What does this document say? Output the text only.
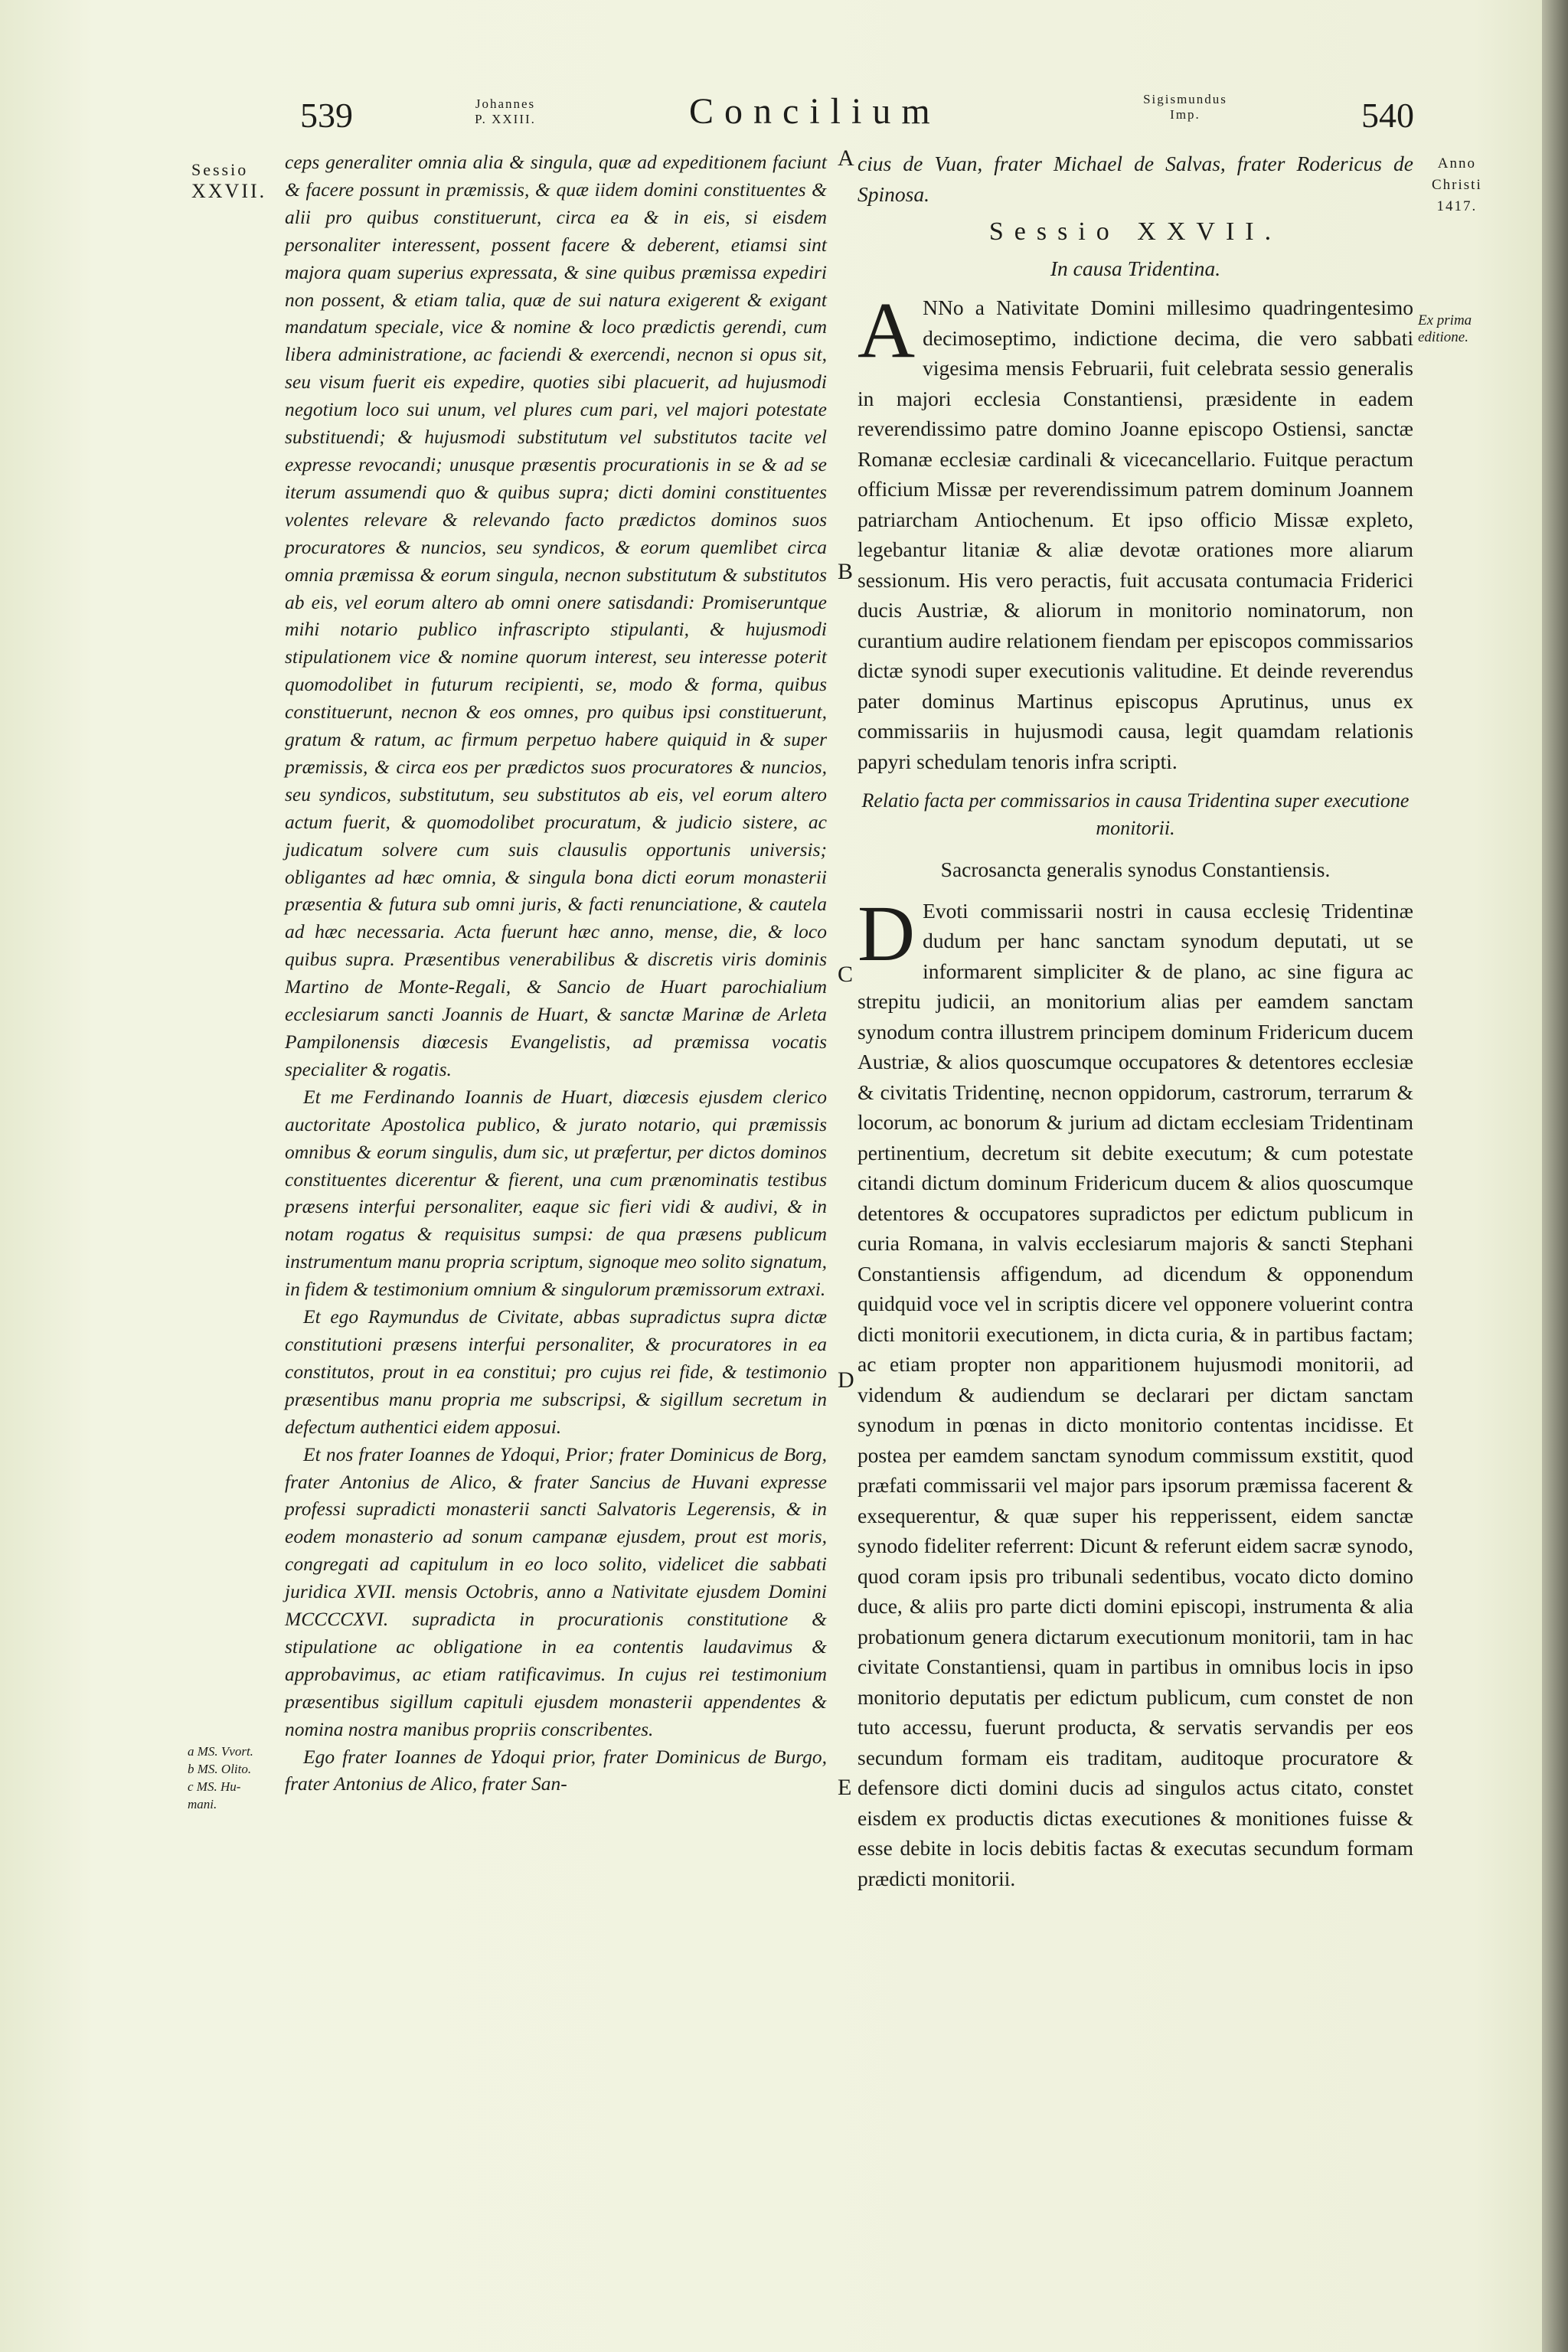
539	Johannes
P. XXIII.	Concilium	Sigismundus
Imp.	540
Sessio
XXVII.
Anno
Christi
1417.
Ex prima
editione.
a MS. Vvort.
b MS. Olito.
c MS. Hu-
mani.
A
B
C
D
E

ceps generaliter omnia alia & singula, quæ ad expeditionem faciunt & facere possunt in præmissis, & quæ iidem domini constituentes & alii pro quibus constituerunt, circa ea & in eis, si eisdem personaliter interessent, possent facere & deberent, etiamsi sint majora quam superius expressata, & sine quibus præmissa expediri non possent, & etiam talia, quæ de sui natura exigerent & exigant mandatum speciale, vice & nomine & loco prædictis gerendi, cum libera administratione, ac faciendi & exercendi, necnon si opus sit, seu visum fuerit eis expedire, quoties sibi placuerit, ad hujusmodi negotium loco sui unum, vel plures cum pari, vel majori potestate substituendi; & hujusmodi substitutum vel substitutos tacite vel expresse revocandi; unusque præsentis procurationis in se & ad se iterum assumendi quo & quibus supra; dicti domini constituentes volentes relevare & relevando facto prædictos dominos suos procuratores & nuncios, seu syndicos, & eorum quemlibet circa omnia præmissa & eorum singula, necnon substitutum & substitutos ab eis, vel eorum altero ab omni onere satisdandi: Promiseruntque mihi notario publico infrascripto stipulanti, & hujusmodi stipulationem vice & nomine quorum interest, seu interesse poterit quomodolibet in futurum recipienti, se, modo & forma, quibus constituerunt, necnon & eos omnes, pro quibus ipsi constituerunt, gratum & ratum, ac firmum perpetuo habere quiquid in & super præmissis, & circa eos per prædictos suos procuratores & nuncios, seu syndicos, substitutum, seu substitutos ab eis, vel eorum altero actum fuerit, & quomodolibet procuratum, & judicio sistere, ac judicatum solvere cum suis clausulis opportunis universis; obligantes ad hæc omnia, & singula bona dicti eorum monasterii præsentia & futura sub omni juris, & facti renunciatione, & cautela ad hæc necessaria. Acta fuerunt hæc anno, mense, die, & loco quibus supra. Præsentibus venerabilibus & discretis viris dominis Martino de Monte-Regali, & Sancio de Huart parochialium ecclesiarum sancti Joannis de Huart, & sanctæ Marinæ de Arleta Pampilonensis diœcesis Evangelistis, ad præmissa vocatis specialiter & rogatis.

Et me Ferdinando Ioannis de Huart, diœcesis ejusdem clerico auctoritate Apostolica publico, & jurato notario, qui præmissis omnibus & eorum singulis, dum sic, ut præfertur, per dictos dominos constituentes dicerentur & fierent, una cum prænominatis testibus præsens interfui personaliter, eaque sic fieri vidi & audivi, & in notam rogatus & requisitus sumpsi: de qua præsens publicum instrumentum manu propria scriptum, signoque meo solito signatum, in fidem & testimonium omnium & singulorum præmissorum extraxi.

Et ego Raymundus de Civitate, abbas supradictus supra dictæ constitutioni præsens interfui personaliter, & procuratores in ea constitutos, prout in ea constitui; pro cujus rei fide, & testimonio præsentibus manu propria me subscripsi, & sigillum secretum in defectum authentici eidem apposui.

Et nos frater Ioannes de Ydoqui, Prior; frater Dominicus de Borg, frater Antonius de Alico, & frater Sancius de Huvani expresse professi supradicti monasterii sancti Salvatoris Legerensis, & in eodem monasterio ad sonum campanæ ejusdem, prout est moris, congregati ad capitulum in eo loco solito, videlicet die sabbati juridica XVII. mensis Octobris, anno a Nativitate ejusdem Domini MCCCCXVI. supradicta in procurationis constitutione & stipulatione ac obligatione in ea contentis laudavimus & approbavimus, ac etiam ratificavimus. In cujus rei testimonium præsentibus sigillum capituli ejusdem monasterii appendentes & nomina nostra manibus propriis conscribentes.

Ego frater Ioannes de Ydoqui prior, frater Dominicus de Burgo, frater Antonius de Alico, frater San-

cius de Vuan, frater Michael de Salvas, frater Rodericus de Spinosa.

Sessio XXVII.

In causa Tridentina.

A NNo a Nativitate Domini millesimo quadringentesimo decimoseptimo, indictione decima, die vero sabbati vigesima mensis Februarii, fuit celebrata sessio generalis in majori ecclesia Constantiensi, præsidente in eadem reverendissimo patre domino Joanne episcopo Ostiensi, sanctæ Romanæ ecclesiæ cardinali & vicecancellario. Fuitque peractum officium Missæ per reverendissimum patrem dominum Joannem patriarcham Antiochenum. Et ipso officio Missæ expleto, legebantur litaniæ & aliæ devotæ orationes more aliarum sessionum. His vero peractis, fuit accusata contumacia Friderici ducis Austriæ, & aliorum in monitorio nominatorum, non curantium audire relationem fiendam per episcopos commissarios dictæ synodi super executionis valitudine. Et deinde reverendus pater dominus Martinus episcopus Aprutinus, unus ex commissariis in hujusmodi causa, legit quamdam relationis papyri schedulam tenoris infra scripti.

Relatio facta per commissarios in causa Tridentina super executione monitorii.

Sacrosancta generalis synodus Constantiensis.

D Evoti commissarii nostri in causa ecclesię Tridentinæ dudum per hanc sanctam synodum deputati, ut se informarent simpliciter & de plano, ac sine figura ac strepitu judicii, an monitorium alias per eamdem sanctam synodum contra illustrem principem dominum Fridericum ducem Austriæ, & alios quoscumque occupatores & detentores ecclesiæ & civitatis Tridentinę, necnon oppidorum, castrorum, terrarum & locorum, ac bonorum & jurium ad dictam ecclesiam Tridentinam pertinentium, decretum sit debite executum; & cum potestate citandi dictum dominum Fridericum ducem & alios quoscumque detentores & occupatores supradictos per edictum publicum in curia Romana, in valvis ecclesiarum majoris & sancti Stephani Constantiensis affigendum, ad dicendum & opponendum quidquid voce vel in scriptis dicere vel opponere voluerint contra dicti monitorii executionem, in dicta curia, & in partibus factam; ac etiam propter non apparitionem hujusmodi monitorii, ad videndum & audiendum se declarari per dictam sanctam synodum in pœnas in dicto monitorio contentas incidisse. Et postea per eamdem sanctam synodum commissum exstitit, quod præfati commissarii vel major pars ipsorum præmissa facerent & exsequerentur, & quæ super his repperissent, eidem sanctæ synodo fideliter referrent: Dicunt & referunt eidem sacræ synodo, quod coram ipsis pro tribunali sedentibus, vocato dicto domino duce, & aliis pro parte dicti domini episcopi, instrumenta & alia probationum genera dictarum executionum monitorii, tam in hac civitate Constantiensi, quam in partibus in omnibus locis in ipso monitorio deputatis per edictum publicum, cum constet de non tuto accessu, fuerunt producta, & servatis servandis per eos secundum formam eis traditam, auditoque procuratore & defensore dicti domini ducis ad singulos actus citato, constet eisdem ex productis dictas executiones & monitiones fuisse & esse debite in locis debitis factas & executas secundum formam prædicti monitorii.
